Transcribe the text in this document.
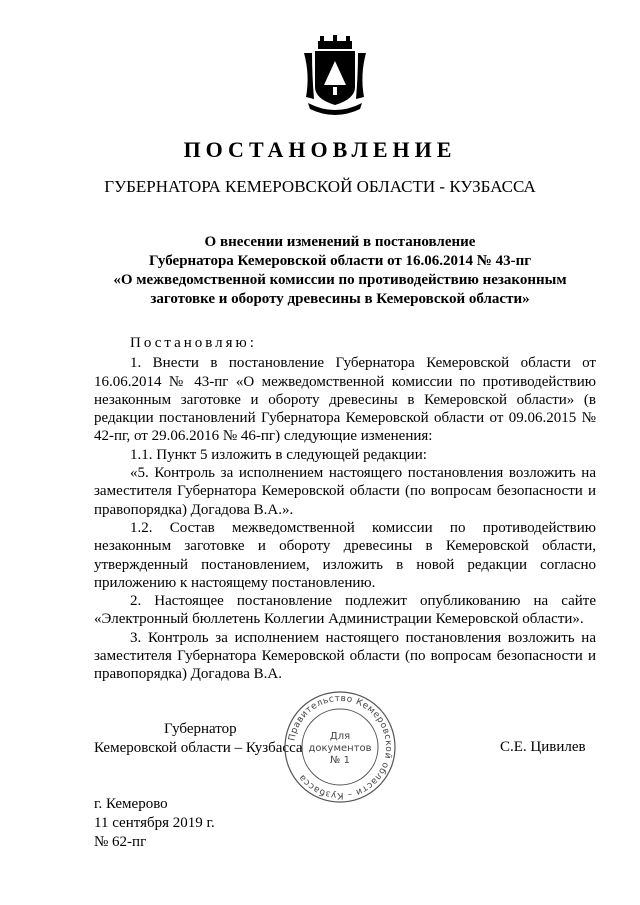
ПОСТАНОВЛЕНИЕ
ГУБЕРНАТОРА КЕМЕРОВСКОЙ ОБЛАСТИ - КУЗБАССА
О внесении изменений в постановление
Губернатора Кемеровской области от 16.06.2014 № 43-пг
«О межведомственной комиссии по противодействию незаконным
заготовке и обороту древесины в Кемеровской области»

Постановляю:

1. Внести в постановление Губернатора Кемеровской области от 16.06.2014 № 43-пг «О межведомственной комиссии по противодействию незаконным заготовке и обороту древесины в Кемеровской области» (в редакции постановлений Губернатора Кемеровской области от 09.06.2015 № 42-пг, от 29.06.2016 № 46-пг) следующие изменения:

1.1. Пункт 5 изложить в следующей редакции:

«5. Контроль за исполнением настоящего постановления возложить на заместителя Губернатора Кемеровской области (по вопросам безопасности и правопорядка) Догадова В.А.».

1.2. Состав межведомственной комиссии по противодействию незаконным заготовке и обороту древесины в Кемеровской области, утвержденный постановлением, изложить в новой редакции согласно приложению к настоящему постановлению.

2. Настоящее постановление подлежит опубликованию на сайте «Электронный бюллетень Коллегии Администрации Кемеровской области».

3. Контроль за исполнением настоящего постановления возложить на заместителя Губернатора Кемеровской области (по вопросам безопасности и правопорядка) Догадова В.А.

Губернатор
Кемеровской области – Кузбасса
Правительство Кемеровской области – Кузбасса
Для
документов
№ 1
С.Е. Цивилев
г. Кемерово
11 сентября 2019 г.
№ 62-пг
